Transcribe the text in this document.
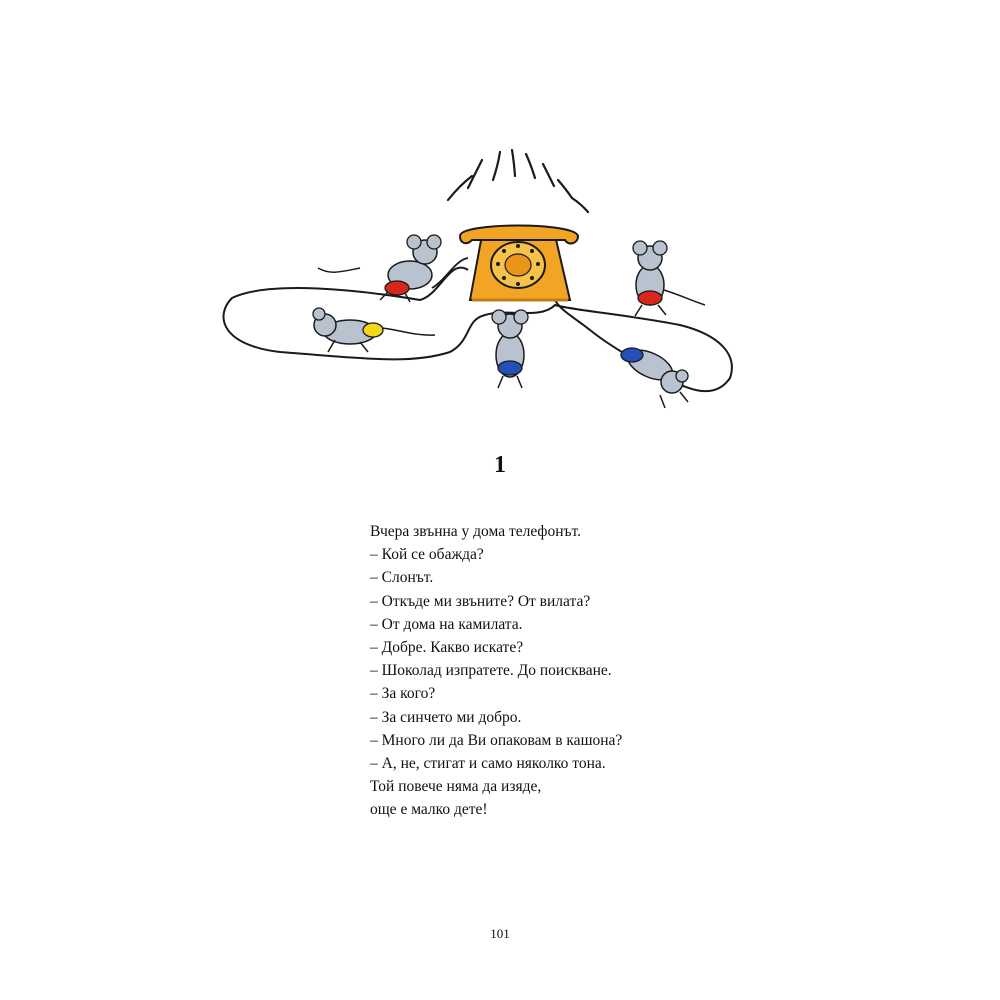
1
Вчера звънна у дома телефонът.
– Кой се обажда?
– Слонът.
– Откъде ми звъните? От вилата?
– От дома на камилата.
– Добре. Какво искате?
– Шоколад изпратете. До поискване.
– За кого?
– За синчето ми добро.
– Много ли да Ви опаковам в кашона?
– А, не, стигат и само няколко тона.
Той повече няма да изяде,
още е малко дете!
101
